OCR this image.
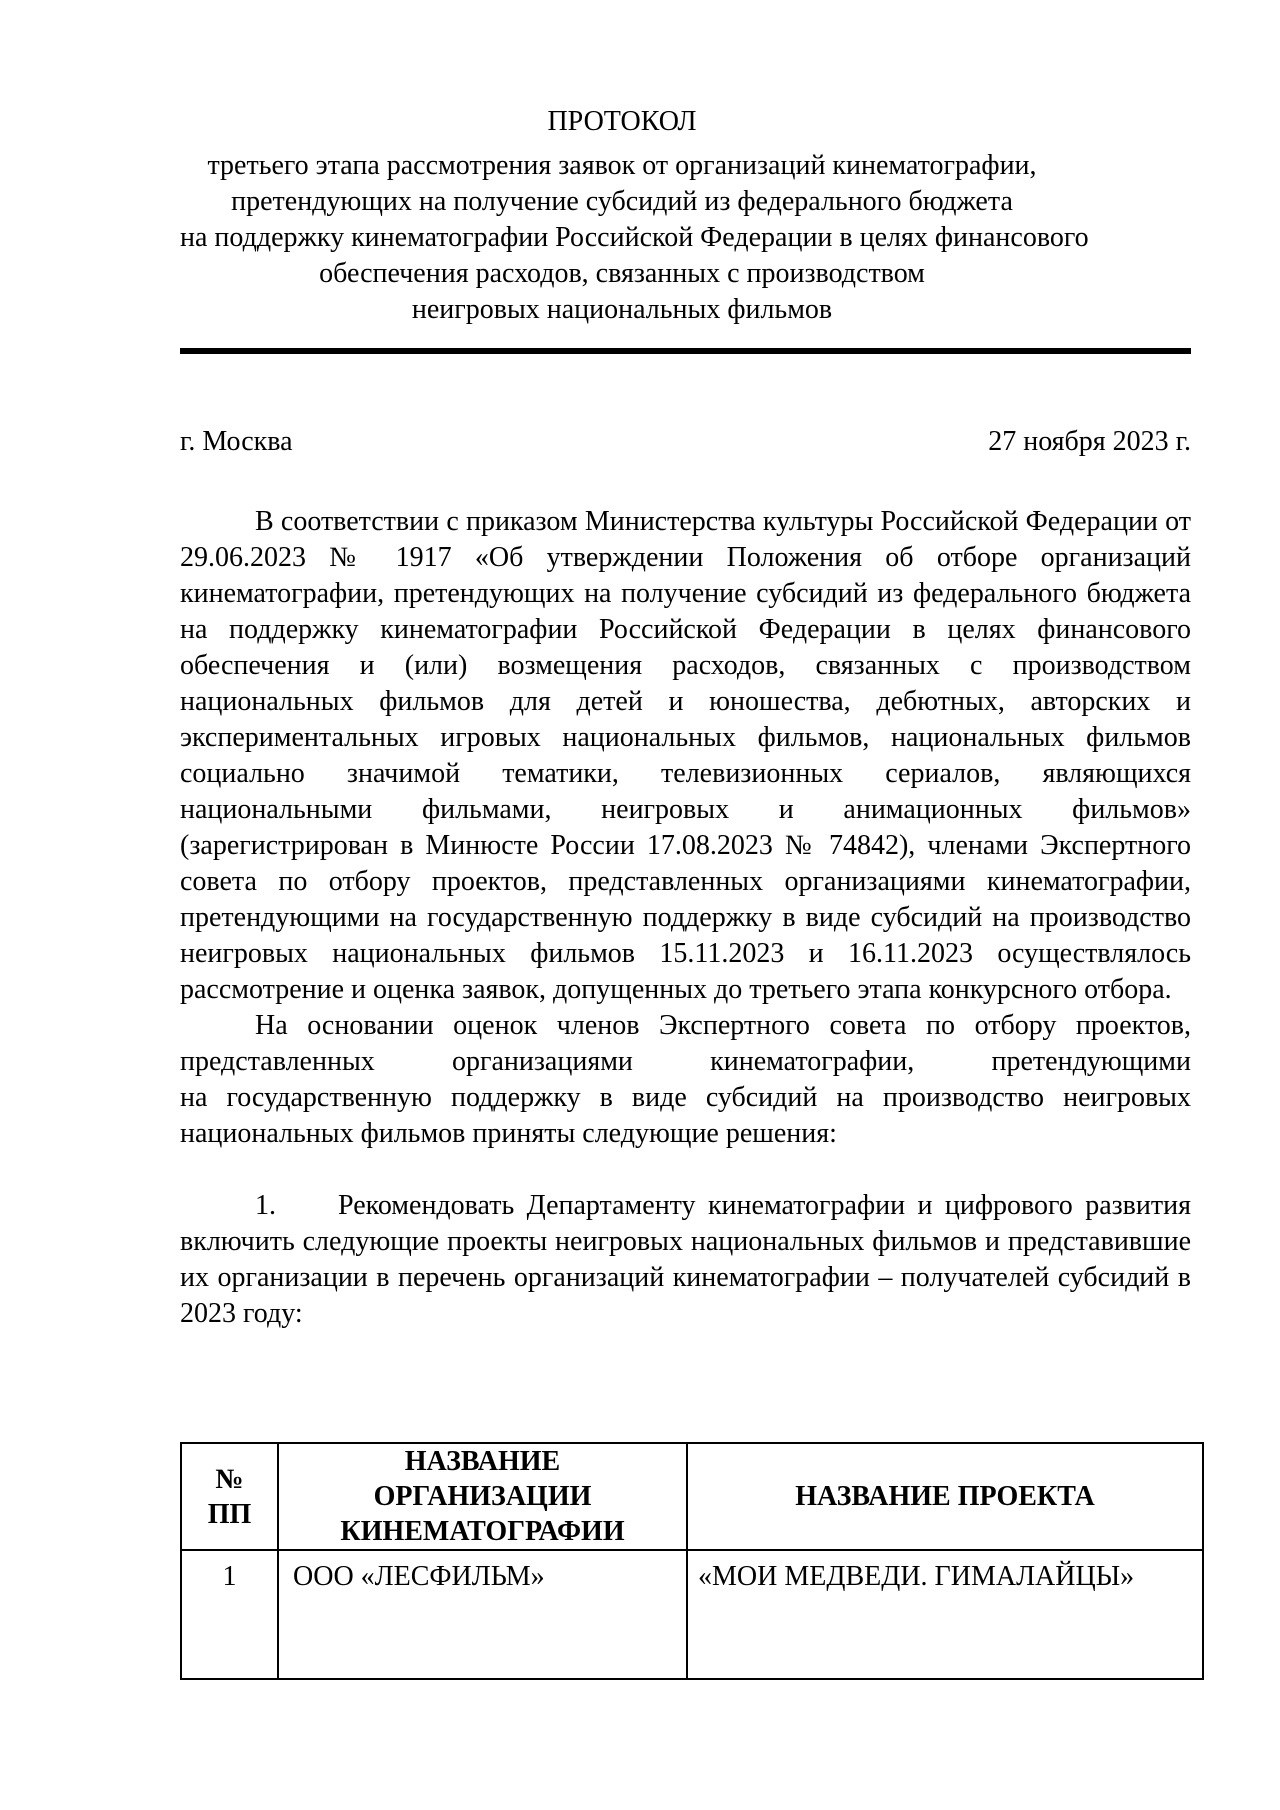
ПРОТОКОЛ
третьего этапа рассмотрения заявок от организаций кинематографии,
претендующих на получение субсидий из федерального бюджета
на поддержку кинематографии Российской Федерации в целях финансового
обеспечения расходов, связанных с производством
неигровых национальных фильмов
г. Москва	27 ноября 2023 г.

В соответствии с приказом Министерства культуры Российской Федерации от 29.06.2023 № 1917 «Об утверждении Положения об отборе организаций кинематографии, претендующих на получение субсидий из федерального бюджета на поддержку кинематографии Российской Федерации в целях финансового обеспечения и (или) возмещения расходов, связанных с производством национальных фильмов для детей и юношества, дебютных, авторских и экспериментальных игровых национальных фильмов, национальных фильмов социально значимой тематики, телевизионных сериалов, являющихся национальными фильмами, неигровых и анимационных фильмов» (зарегистрирован в Минюсте России 17.08.2023 № 74842), членами Экспертного совета по отбору проектов, представленных организациями кинематографии, претендующими на государственную поддержку в виде субсидий на производство неигровых национальных фильмов 15.11.2023 и 16.11.2023 осуществлялось рассмотрение и оценка заявок, допущенных до третьего этапа конкурсного отбора.

На основании оценок членов Экспертного совета по отбору проектов, представленных организациями кинематографии, претендующими на государственную поддержку в виде субсидий на производство неигровых национальных фильмов приняты следующие решения:

1.     Рекомендовать Департаменту кинематографии и цифрового развития включить следующие проекты неигровых национальных фильмов и представившие их организации в перечень организаций кинематографии – получателей субсидий в 2023 году:

№
ПП	НАЗВАНИЕ ОРГАНИЗАЦИИ КИНЕМАТОГРАФИИ	НАЗВАНИЕ ПРОЕКТА

1	ООО «ЛЕСФИЛЬМ»	«МОИ МЕДВЕДИ. ГИМАЛАЙЦЫ»
